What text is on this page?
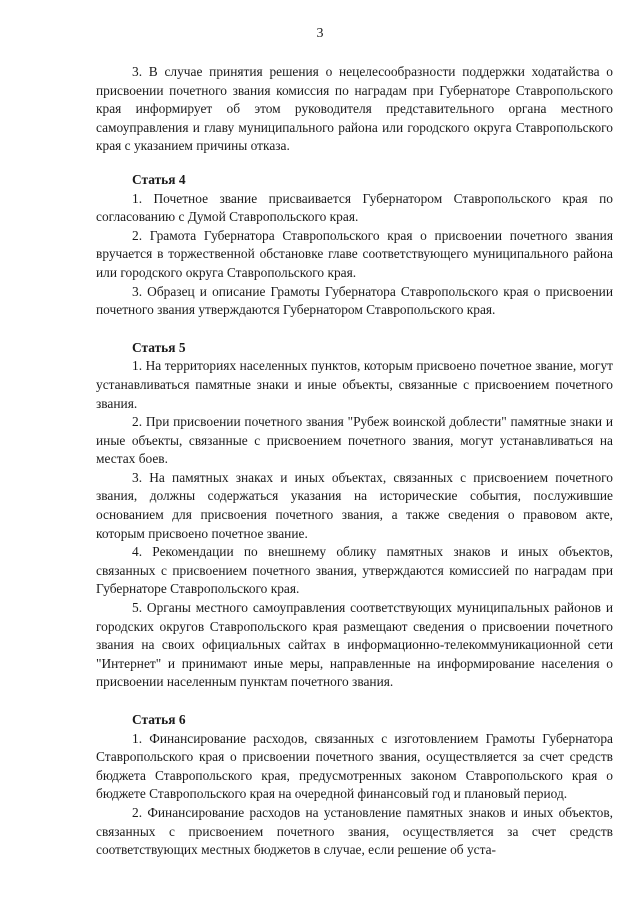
3

3. В случае принятия решения о нецелесообразности поддержки ходатайства о присвоении почетного звания комиссия по наградам при Губернаторе Ставропольского края информирует об этом руководителя представительного органа местного самоуправления и главу муниципального района или городского округа Ставропольского края с указанием причины отказа.

Статья 4

1. Почетное звание присваивается Губернатором Ставропольского края по согласованию с Думой Ставропольского края.

2. Грамота Губернатора Ставропольского края о присвоении почетного звания вручается в торжественной обстановке главе соответствующего муниципального района или городского округа Ставропольского края.

3. Образец и описание Грамоты Губернатора Ставропольского края о присвоении почетного звания утверждаются Губернатором Ставропольского края.

Статья 5

1. На территориях населенных пунктов, которым присвоено почетное звание, могут устанавливаться памятные знаки и иные объекты, связанные с присвоением почетного звания.

2. При присвоении почетного звания "Рубеж воинской доблести" памятные знаки и иные объекты, связанные с присвоением почетного звания, могут устанавливаться на местах боев.

3. На памятных знаках и иных объектах, связанных с присвоением почетного звания, должны содержаться указания на исторические события, послужившие основанием для присвоения почетного звания, а также сведения о правовом акте, которым присвоено почетное звание.

4. Рекомендации по внешнему облику памятных знаков и иных объектов, связанных с присвоением почетного звания, утверждаются комиссией по наградам при Губернаторе Ставропольского края.

5. Органы местного самоуправления соответствующих муниципальных районов и городских округов Ставропольского края размещают сведения о присвоении почетного звания на своих официальных сайтах в информационно-телекоммуникационной сети "Интернет" и принимают иные меры, направленные на информирование населения о присвоении населенным пунктам почетного звания.

Статья 6

1. Финансирование расходов, связанных с изготовлением Грамоты Губернатора Ставропольского края о присвоении почетного звания, осуществляется за счет средств бюджета Ставропольского края, предусмотренных законом Ставропольского края о бюджете Ставропольского края на очередной финансовый год и плановый период.

2. Финансирование расходов на установление памятных знаков и иных объектов, связанных с присвоением почетного звания, осуществляется за счет средств соответствующих местных бюджетов в случае, если решение об уста-
